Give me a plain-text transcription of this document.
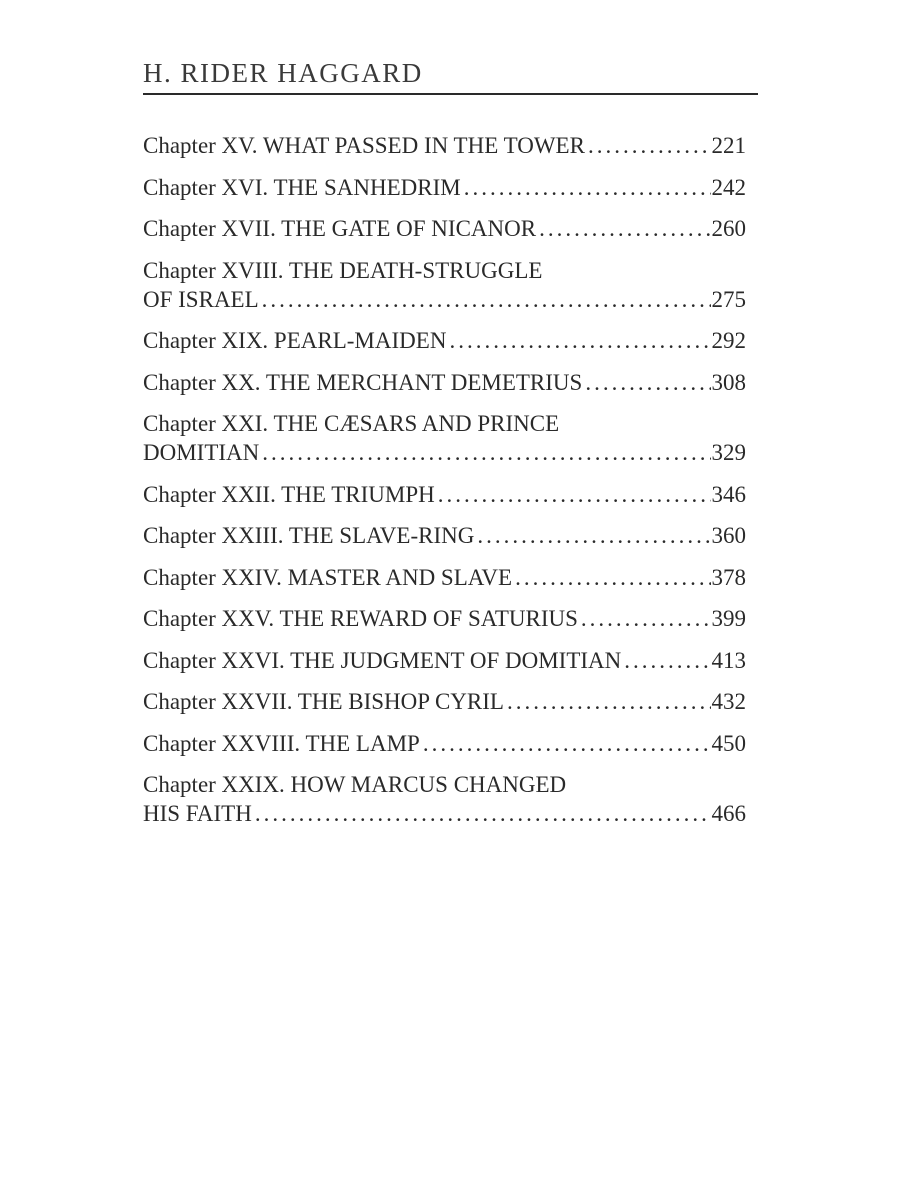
H. RIDER HAGGARD
Chapter XV. WHAT PASSED IN THE TOWER .....	221
Chapter XVI. THE SANHEDRIM .....	242
Chapter XVII. THE GATE OF NICANOR .....	260
Chapter XVIII. THE DEATH-STRUGGLE
OF ISRAEL .....	275
Chapter XIX. PEARL-MAIDEN .....	292
Chapter XX. THE MERCHANT DEMETRIUS .....	308
Chapter XXI. THE CÆSARS AND PRINCE
DOMITIAN .....	329
Chapter XXII. THE TRIUMPH .....	346
Chapter XXIII. THE SLAVE-RING .....	360
Chapter XXIV. MASTER AND SLAVE .....	378
Chapter XXV. THE REWARD OF SATURIUS .....	399
Chapter XXVI. THE JUDGMENT OF DOMITIAN .....	413
Chapter XXVII. THE BISHOP CYRIL .....	432
Chapter XXVIII. THE LAMP .....	450
Chapter XXIX. HOW MARCUS CHANGED
HIS FAITH .....	466
